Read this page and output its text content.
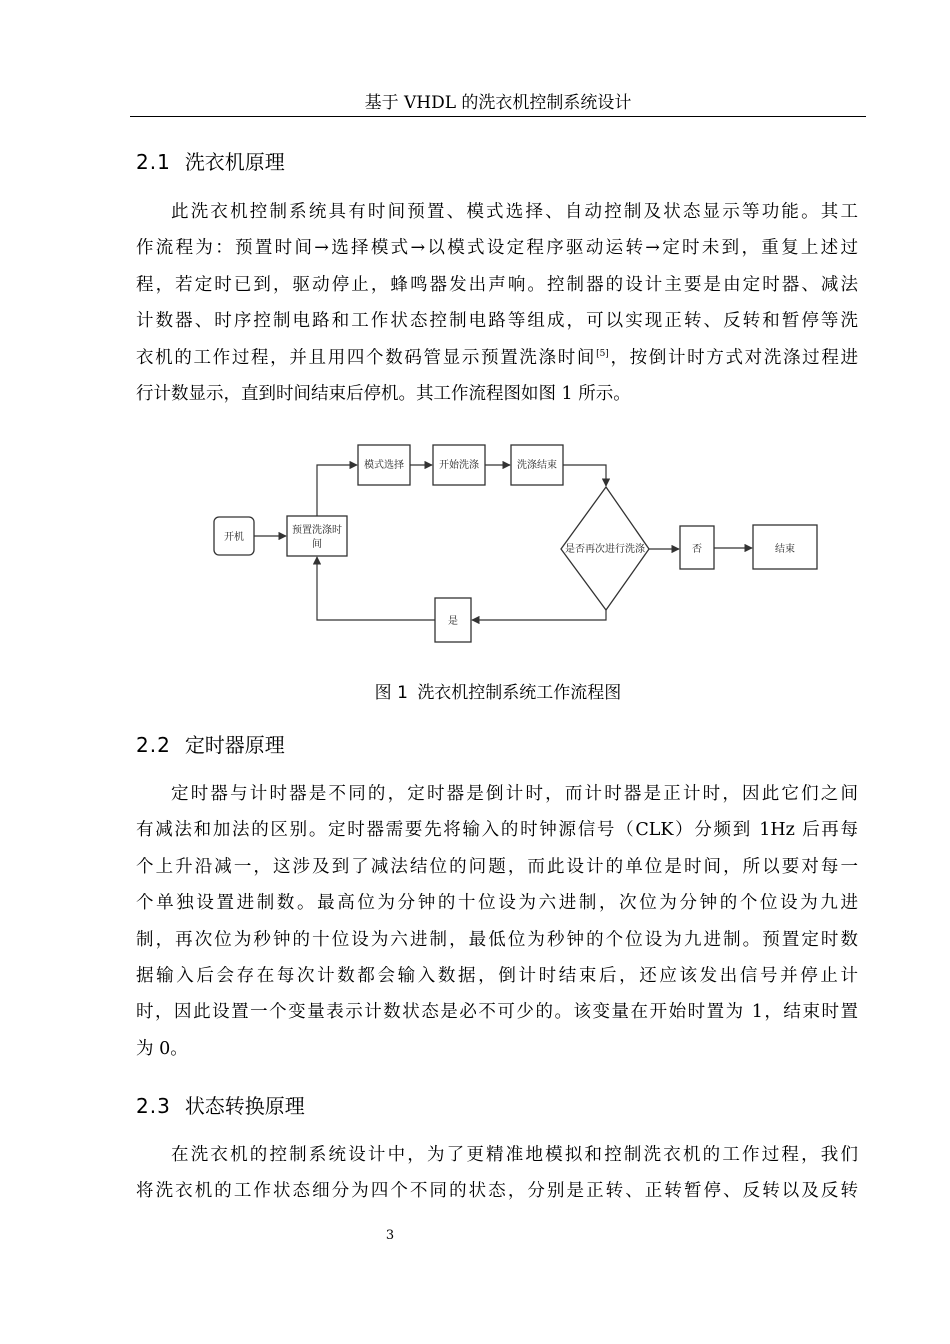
基于 VHDL 的洗衣机控制系统设计
2.1 洗衣机原理
此洗衣机控制系统具有时间预置、模式选择、自动控制及状态显示等功能。其工
作流程为：预置时间→选择模式→以模式设定程序驱动运转→定时未到，重复上述过
程，若定时已到，驱动停止，蜂鸣器发出声响。控制器的设计主要是由定时器、减法
计数器、时序控制电路和工作状态控制电路等组成，可以实现正转、反转和暂停等洗
衣机的工作过程，并且用四个数码管显示预置洗涤时间[5]，按倒计时方式对洗涤过程进
行计数显示，直到时间结束后停机。其工作流程图如图 1 所示。
开机
预置洗涤时
间
模式选择	开始洗涤	洗涤结束
是否再次进行洗涤	否	结束
是
图 1 洗衣机控制系统工作流程图
2.2 定时器原理
定时器与计时器是不同的，定时器是倒计时，而计时器是正计时，因此它们之间
有减法和加法的区别。定时器需要先将输入的时钟源信号（CLK）分频到 1Hz 后再每
个上升沿减一，这涉及到了减法结位的问题，而此设计的单位是时间，所以要对每一
个单独设置进制数。最高位为分钟的十位设为六进制，次位为分钟的个位设为九进
制，再次位为秒钟的十位设为六进制，最低位为秒钟的个位设为九进制。预置定时数
据输入后会存在每次计数都会输入数据，倒计时结束后，还应该发出信号并停止计
时，因此设置一个变量表示计数状态是必不可少的。该变量在开始时置为 1，结束时置
为 0。
2.3 状态转换原理
在洗衣机的控制系统设计中，为了更精准地模拟和控制洗衣机的工作过程，我们
将洗衣机的工作状态细分为四个不同的状态，分别是正转、正转暂停、反转以及反转
3
